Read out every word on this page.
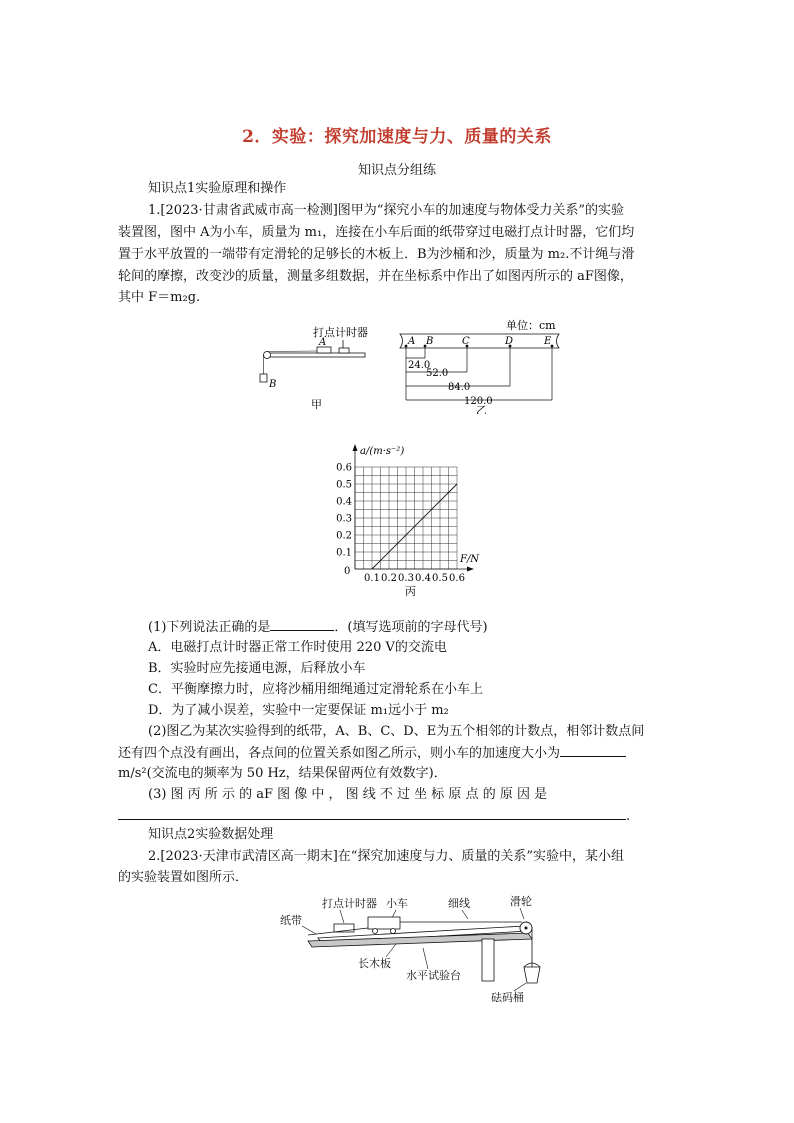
2．实验：探究加速度与力、质量的关系
知识点分组练
知识点1实验原理和操作
1.[2023·甘肃省武威市高一检测]图甲为“探究小车的加速度与物体受力关系”的实验
装置图，图中 A为小车，质量为 m₁，连接在小车后面的纸带穿过电磁打点计时器，它们均
置于水平放置的一端带有定滑轮的足够长的木板上．B为沙桶和沙，质量为 m₂.不计绳与滑
轮间的摩擦，改变沙的质量，测量多组数据，并在坐标系中作出了如图丙所示的 aF图像，
其中 F＝m₂g.
打点计时器
A
B
甲
单位：cm
A B	C	D	E
24.0
52.0
84.0
120.0
乙
0.1 0.2 0.3 0.4 0.5 0.6
0.1
0.2
0.3
0.4
0.5
0.6
a/(m·s⁻²)
F/N
0
丙
(1)下列说法正确的是	．(填写选项前的字母代号)
A．电磁打点计时器正常工作时使用 220 V的交流电
B．实验时应先接通电源，后释放小车
C．平衡摩擦力时，应将沙桶用细绳通过定滑轮系在小车上
D．为了减小误差，实验中一定要保证 m₁远小于 m₂
(2)图乙为某次实验得到的纸带，A、B、C、D、E为五个相邻的计数点，相邻计数点间
还有四个点没有画出，各点间的位置关系如图乙所示，则小车的加速度大小为
m/s²(交流电的频率为 50 Hz，结果保留两位有效数字)．
(3) 图 丙 所 示 的 aF 图 像 中 ， 图 线 不 过 坐 标 原 点 的 原 因 是
.
知识点2实验数据处理
2.[2023·天津市武清区高一期末]在“探究加速度与力、质量的关系”实验中，某小组
的实验装置如图所示．
打点计时器 小车	细线	滑轮
纸带
长木板
水平试验台
砝码桶
